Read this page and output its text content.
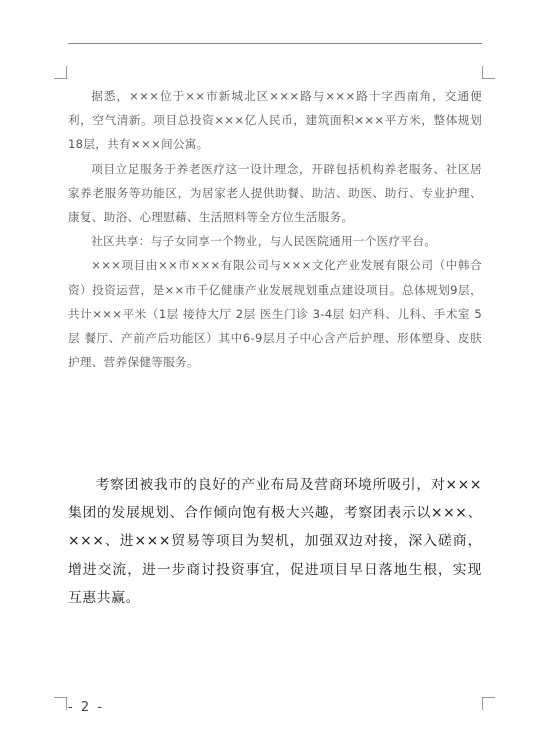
据悉，×××位于××市新城北区×××路与×××路十字西南角，交通便利，空气清新。项目总投资×××亿人民币，建筑面积×××平方米，整体规划18层，共有×××间公寓。

项目立足服务于养老医疗这一设计理念，开辟包括机构养老服务、社区居家养老服务等功能区，为居家老人提供助餐、助洁、助医、助行、专业护理、康复、助浴、心理慰藉、生活照料等全方位生活服务。

社区共享：与子女同享一个物业，与人民医院通用一个医疗平台。

×××项目由××市×××有限公司与×××文化产业发展有限公司（中韩合资）投资运营，是××市千亿健康产业发展规划重点建设项目。总体规划9层，共计×××平米（1层 接待大厅 2层 医生门诊 3-4层 妇产科、儿科、手术室 5层 餐厅、产前产后功能区）其中6-9层月子中心含产后护理、形体塑身、皮肤护理、营养保健等服务。

考察团被我市的良好的产业布局及营商环境所吸引，对×××集团的发展规划、合作倾向饱有极大兴趣，考察团表示以×××、×××、进×××贸易等项目为契机，加强双边对接，深入磋商，增进交流，进一步商讨投资事宜，促进项目早日落地生根，实现互惠共赢。

- 2 -
